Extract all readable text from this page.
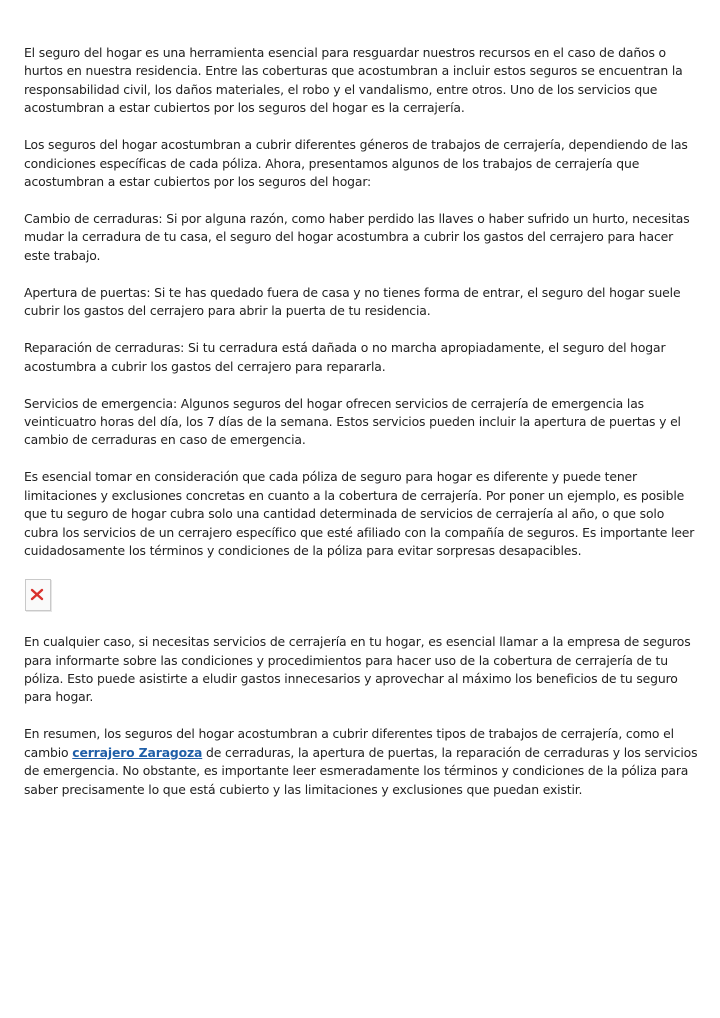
El seguro del hogar es una herramienta esencial para resguardar nuestros recursos en el caso de daños o hurtos en nuestra residencia. Entre las coberturas que acostumbran a incluir estos seguros se encuentran la responsabilidad civil, los daños materiales, el robo y el vandalismo, entre otros. Uno de los servicios que acostumbran a estar cubiertos por los seguros del hogar es la cerrajería.

Los seguros del hogar acostumbran a cubrir diferentes géneros de trabajos de cerrajería, dependiendo de las condiciones específicas de cada póliza. Ahora, presentamos algunos de los trabajos de cerrajería que acostumbran a estar cubiertos por los seguros del hogar:

Cambio de cerraduras: Si por alguna razón, como haber perdido las llaves o haber sufrido un hurto, necesitas mudar la cerradura de tu casa, el seguro del hogar acostumbra a cubrir los gastos del cerrajero para hacer este trabajo.

Apertura de puertas: Si te has quedado fuera de casa y no tienes forma de entrar, el seguro del hogar suele cubrir los gastos del cerrajero para abrir la puerta de tu residencia.

Reparación de cerraduras: Si tu cerradura está dañada o no marcha apropiadamente, el seguro del hogar acostumbra a cubrir los gastos del cerrajero para repararla.

Servicios de emergencia: Algunos seguros del hogar ofrecen servicios de cerrajería de emergencia las veinticuatro horas del día, los 7 días de la semana. Estos servicios pueden incluir la apertura de puertas y el cambio de cerraduras en caso de emergencia.

Es esencial tomar en consideración que cada póliza de seguro para hogar es diferente y puede tener limitaciones y exclusiones concretas en cuanto a la cobertura de cerrajería. Por poner un ejemplo, es posible que tu seguro de hogar cubra solo una cantidad determinada de servicios de cerrajería al año, o que solo cubra los servicios de un cerrajero específico que esté afiliado con la compañía de seguros. Es importante leer cuidadosamente los términos y condiciones de la póliza para evitar sorpresas desapacibles.

En cualquier caso, si necesitas servicios de cerrajería en tu hogar, es esencial llamar a la empresa de seguros para informarte sobre las condiciones y procedimientos para hacer uso de la cobertura de cerrajería de tu póliza. Esto puede asistirte a eludir gastos innecesarios y aprovechar al máximo los beneficios de tu seguro para hogar.

En resumen, los seguros del hogar acostumbran a cubrir diferentes tipos de trabajos de cerrajería, como el cambio cerrajero Zaragoza de cerraduras, la apertura de puertas, la reparación de cerraduras y los servicios de emergencia. No obstante, es importante leer esmeradamente los términos y condiciones de la póliza para saber precisamente lo que está cubierto y las limitaciones y exclusiones que puedan existir.
